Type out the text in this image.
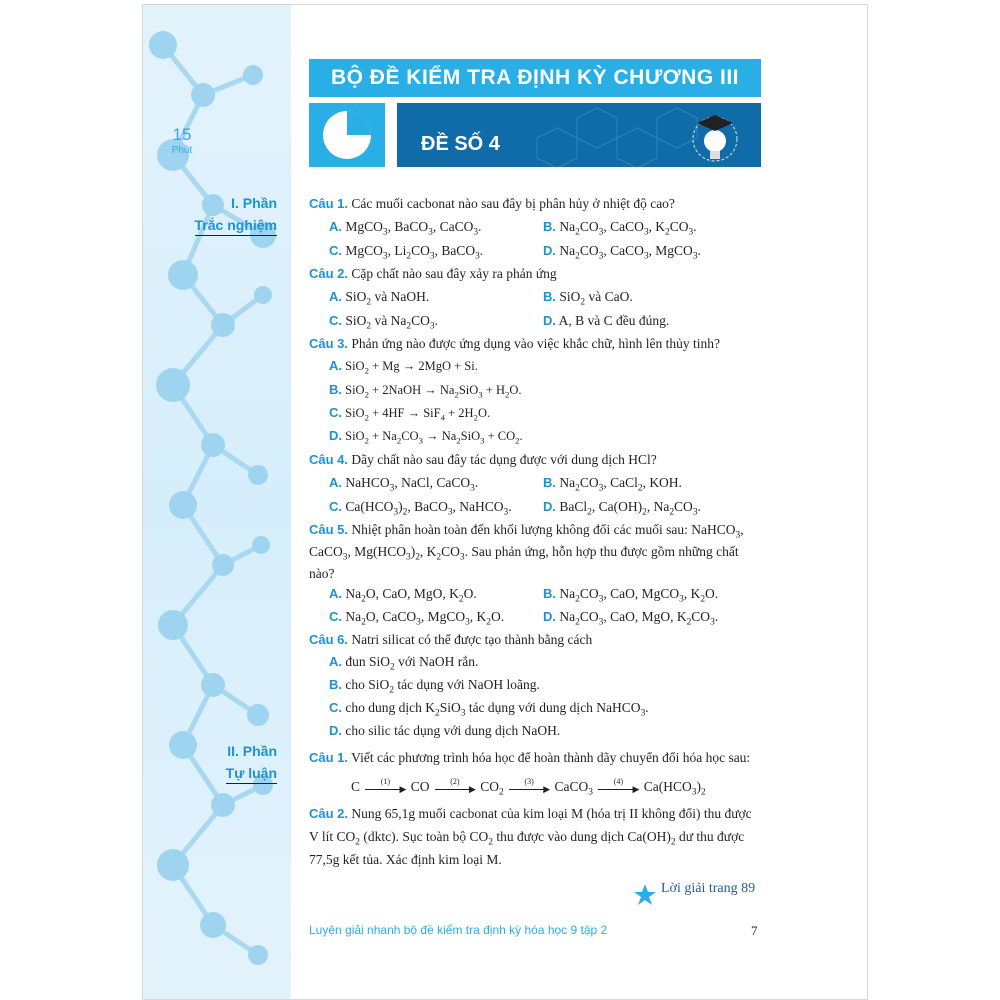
BỘ ĐỀ KIỂM TRA ĐỊNH KỲ CHƯƠNG III
15
Phút	ĐỀ SỐ 4
I. Phần
Trắc nghiệm
II. Phần
Tự luận
Câu 1. Các muối cacbonat nào sau đây bị phân hủy ở nhiệt độ cao?
A. MgCO$_3$, BaCO$_3$, CaCO$_3$.	B. $Na_2CO_3$, CaCO$_3$, $K_2CO_3$.
C. MgCO$_3$, $Li_2CO_3$, BaCO$_3$.	D. $Na_2CO_3$, CaCO$_3$, MgCO$_3$.
Câu 2. Cặp chất nào sau đây xảy ra phản ứng
A. SiO$_2$ và NaOH.	B. SiO$_2$ và CaO.
C. SiO$_2$ và $Na_2CO_3$.	D. A, B và C đều đúng.
Câu 3. Phản ứng nào được ứng dụng vào việc khắc chữ, hình lên thủy tinh?
A. SiO$_2$ + Mg → 2MgO + Si.
B. SiO$_2$ + 2NaOH → $Na_2SiO_3 + H_2O$.
C. $SiO_2 + 4HF \to SiF_4 + 2H_2O$.
D. $SiO_2 + Na_2CO_3 \to Na_2SiO_3 + CO_2$.
Câu 4. Dãy chất nào sau đây tác dụng được với dung dịch HCl?
A. NaHCO$_3$, NaCl, CaCO$_3$.	B. $Na_2CO_3$, CaCl$_2$, KOH.
C. $Ca(HCO_3)_2$, BaCO$_3$, NaHCO$_3$. D. BaCl$_2$, $Ca(OH)_2$, $Na_2CO_3$.
Câu 5. Nhiệt phân hoàn toàn đến khối lượng không đổi các muối sau: NaHCO$_3$,
CaCO$_3$, $Mg(HCO_3)_2$, $K_2CO_3$. Sau phản ứng, hỗn hợp thu được gồm những chất
nào?
A. $Na_2O$, CaO, MgO, $K_2O$.	B. $Na_2CO_3$, CaO, MgCO$_3$, $K_2O$.
C. $Na_2O$, CaCO$_3$, MgCO$_3$, $K_2O$.	D. $Na_2CO_3$, CaO, MgO, $K_2CO_3$.
Câu 6. Natri silicat có thể được tạo thành bằng cách
A. đun SiO$_2$ với NaOH rắn.
B. cho SiO$_2$ tác dụng với NaOH loãng.
C. cho dung dịch $K_2SiO_3$ tác dụng với dung dịch NaHCO$_3$.
D. cho silic tác dụng với dung dịch NaOH.
Câu 1. Viết các phương trình hóa học để hoàn thành dãy chuyển đổi hóa học sau:
C	(1)
▶ CO	(2)
▶ $CO_2$
(3)
▶ CaCO$_3$
(4)
▶ $Ca(HCO_3)_2$
Câu 2. Nung 65,1g muối cacbonat của kim loại M (hóa trị II không đổi) thu được
V lít $CO_2$ (dktc). Sục toàn bộ $CO_2$ thu được vào dung dịch $Ca(OH)_2$ dư thu được
77,5g kết tủa. Xác định kim loại M.
Lời giải trang 89
Luyện giải nhanh bộ đề kiểm tra định kỳ hóa học 9 tập 2	7
